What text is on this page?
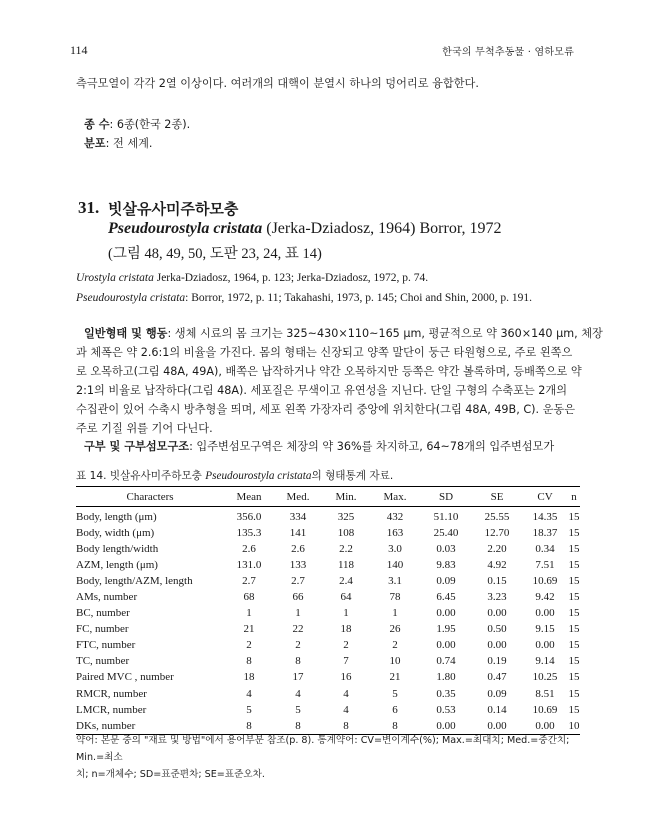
114	한국의 무척추동물 · 염하모류
측극모열이 각각 2열 이상이다. 여러개의 대핵이 분열시 하나의 덩어리로 융합한다.
종 수: 6종(한국 2종).
분포: 전 세계.
31. 빗살유사미주하모충
Pseudourostyla cristata (Jerka-Dziadosz, 1964) Borror, 1972
(그림 48, 49, 50, 도판 23, 24, 표 14)
Urostyla cristata Jerka-Dziadosz, 1964, p. 123; Jerka-Dziadosz, 1972, p. 74.
Pseudourostyla cristata: Borror, 1972, p. 11; Takahashi, 1973, p. 145; Choi and Shin, 2000, p. 191.
일반형태 및 행동: 생체 시료의 몸 크기는 325~430×110~165 μm, 평균적으로 약 360×140 μm, 체장
과 체폭은 약 2.6:1의 비율을 가진다. 몸의 형태는 신장되고 양쪽 말단이 둥근 타원형으로, 주로 왼쪽으
로 오목하고(그림 48A, 49A), 배쪽은 납작하거나 약간 오목하지만 등쪽은 약간 볼록하며, 등배쪽으로 약
2:1의 비율로 납작하다(그림 48A). 세포질은 무색이고 유연성을 지닌다. 단일 구형의 수축포는 2개의
수집관이 있어 수축시 방추형을 띄며, 세포 왼쪽 가장자리 중앙에 위치한다(그림 48A, 49B, C). 운동은
주로 기질 위를 기어 다닌다.
구부 및 구부섬모구조: 입주변섬모구역은 체장의 약 36%를 차지하고, 64~78개의 입주변섬모가
표 14. 빗살유사미주하모충 Pseudourostyla cristata의 형태통계 자료.
Characters	Mean	Med.	Min.	Max.	SD	SE	CV	n
Body, length (μm)	356.0	334	325	432	51.10	25.55	14.35	15
Body, width (μm)	135.3	141	108	163	25.40	12.70	18.37	15
Body length/width	2.6	2.6	2.2	3.0	0.03	2.20	0.34	15
AZM, length (μm)	131.0	133	118	140	9.83	4.92	7.51	15
Body, length/AZM, length	2.7	2.7	2.4	3.1	0.09	0.15	10.69	15
AMs, number	68	66	64	78	6.45	3.23	9.42	15
BC, number	1	1	1	1	0.00	0.00	0.00	15
FC, number	21	22	18	26	1.95	0.50	9.15	15
FTC, number	2	2	2	2	0.00	0.00	0.00	15
TC, number	8	8	7	10	0.74	0.19	9.14	15
Paired MVC , number	18	17	16	21	1.80	0.47	10.25	15
RMCR, number	4	4	4	5	0.35	0.09	8.51	15
LMCR, number	5	5	4	6	0.53	0.14	10.69	15
DKs, number	8	8	8	8	0.00	0.00	0.00	10
약어: 본문 중의 "재료 및 방법"에서 용어부분 참조(p. 8). 통계약어: CV=변이계수(%); Max.=최대치; Med.=중간치; Min.=최소
치; n=개체수; SD=표준편차; SE=표준오차.
